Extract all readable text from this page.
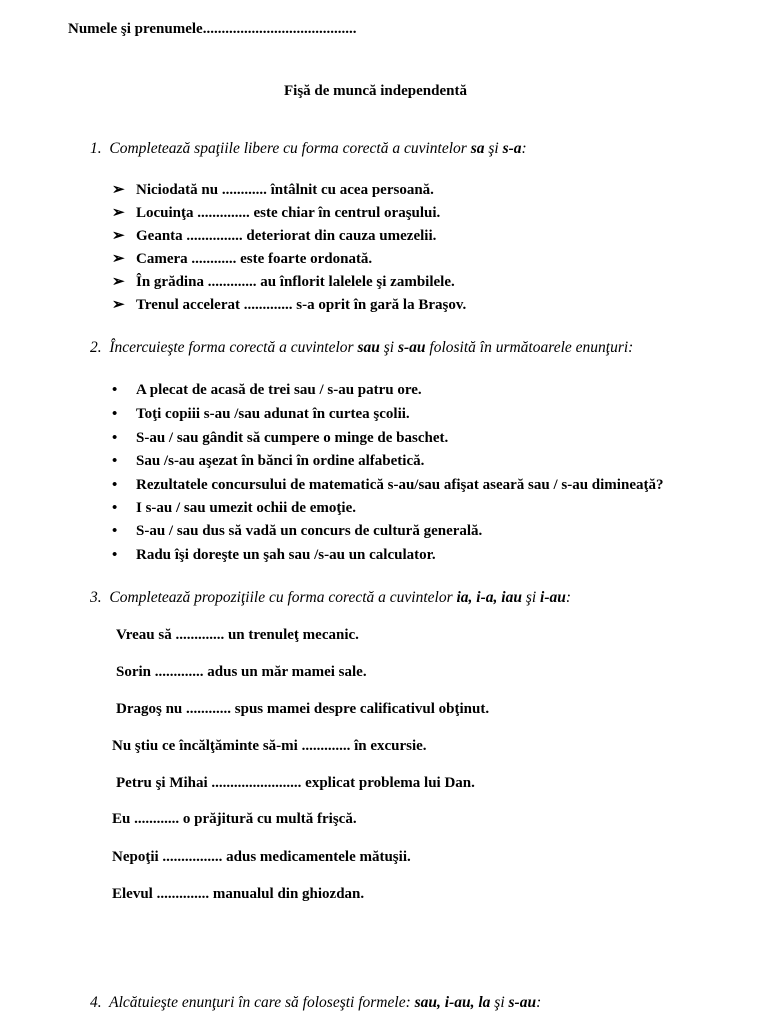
Numele şi prenumele.........................................
Fişă de muncă independentă
1. Completează spaţiile libere cu forma corectă a cuvintelor sa şi s-a:
➢ Niciodată nu ............ întâlnit cu acea persoană.
➢ Locuinţa .............. este chiar în centrul oraşului.
➢ Geanta ............... deteriorat din cauza umezelii.
➢ Camera ............ este foarte ordonată.
➢ În grădina ............. au înflorit lalelele şi zambilele.
➢ Trenul accelerat ............. s-a oprit în gară la Braşov.
2. Încercuieşte forma corectă a cuvintelor sau şi s-au folosită în următoarele enunţuri:
• A plecat de acasă de trei sau / s-au patru ore.
• Toţi copiii s-au /sau adunat în curtea şcolii.
• S-au / sau gândit să cumpere o minge de baschet.
• Sau /s-au aşezat în bănci în ordine alfabetică.
• Rezultatele concursului de matematică s-au/sau afişat aseară sau / s-au dimineaţă?
• I s-au / sau umezit ochii de emoţie.
• S-au / sau dus să vadă un concurs de cultură generală.
• Radu îşi doreşte un şah sau /s-au un calculator.
3. Completează propoziţiile cu forma corectă a cuvintelor ia, i-a, iau şi i-au:
Vreau să ............. un trenuleţ mecanic.
Sorin ............. adus un măr mamei sale.
Dragoş nu ............ spus mamei despre calificativul obţinut.
Nu ştiu ce încălţăminte să-mi ............. în excursie.
Petru şi Mihai ........................ explicat problema lui Dan.
Eu ............ o prăjitură cu multă frişcă.
Nepoţii ................ adus medicamentele mătuşii.
Elevul .............. manualul din ghiozdan.
4. Alcătuieşte enunţuri în care să foloseşti formele: sau, i-au, la şi s-au:
